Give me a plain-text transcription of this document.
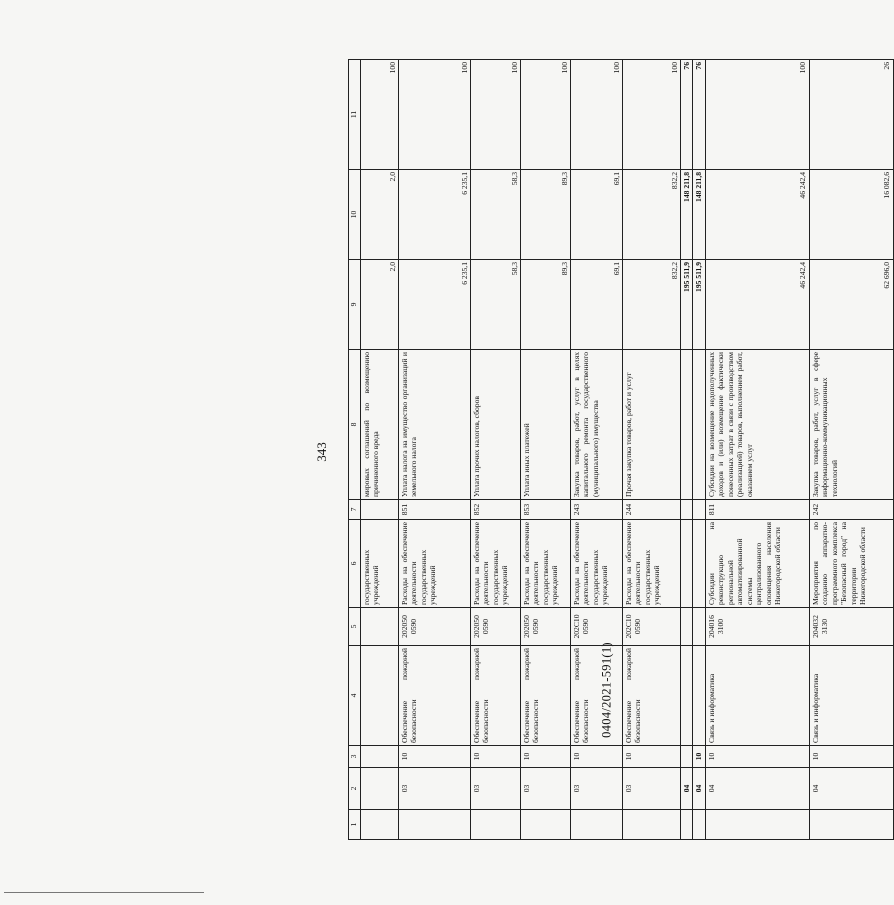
343
0404/2021-591(1)
1	2	3	4	5	6	7	8	9	10	11
					государственных учреждений		мировых соглашений по возмещению причиненного вреда	2,0	2,0	100
	03	10	Обеспечение пожарной безопасности	202050 0590	Расходы на обеспечение деятельности государственных учреждений	851	Уплата налога на имущество организаций и земельного налога	6 235,1	6 235,1	100
	03	10	Обеспечение пожарной безопасности	202050 0590	Расходы на обеспечение деятельности государственных учреждений	852	Уплата прочих налогов, сборов	58,3	58,3	100
	03	10	Обеспечение пожарной безопасности	202050 0590	Расходы на обеспечение деятельности государственных учреждений	853	Уплата иных платежей	89,3	89,3	100
	03	10	Обеспечение пожарной безопасности	202С10 0590	Расходы на обеспечение деятельности государственных учреждений	243	Закупка товаров, работ, услуг в целях капитального ремонта государственного (муниципального) имущества	69,1	69,1	100
	03	10	Обеспечение пожарной безопасности	202С10 0590	Расходы на обеспечение деятельности государственных учреждений	244	Прочая закупка товаров, работ и услуг	832,2	832,2	100
	04							195 511,9	148 211,8	76
	04	10						195 511,9	148 211,8	76
	04	10	Связь и информатика	204016 3100	Субсидии на реконструкцию региональной автоматизированной системы централизованного оповещения населения Нижегородской области	811	Субсидии на возмещение недополученных доходов и (или) возмещение фактически понесенных затрат в связи с производством (реализацией) товаров, выполнением работ, оказанием услуг	46 242,4	46 242,4	100
	04	10	Связь и информатика	204032 3130	Мероприятия по созданию аппаратно-программного комплекса "Безопасный город" на территории Нижегородской области	242	Закупка товаров, работ, услуг в сфере информационно-коммуникационных технологий	62 696,0	16 082,6	26
